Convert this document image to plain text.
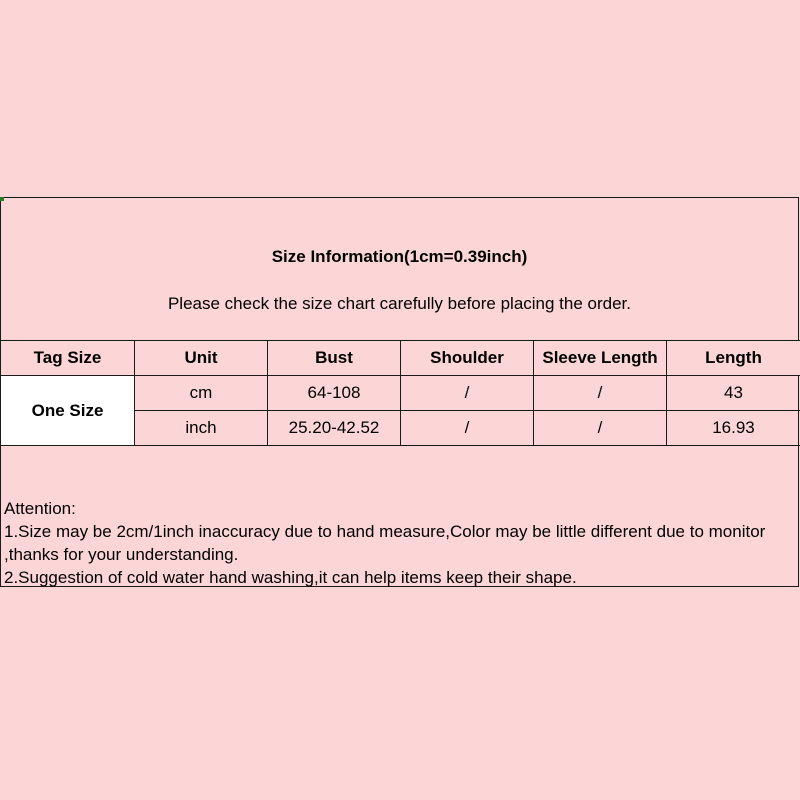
Size Information(1cm=0.39inch)
Please check the size chart carefully before placing the order.
Tag Size	Unit	Bust	Shoulder	Sleeve Length	Length
One Size	cm	64-108	/	/	43
	inch	25.20-42.52	/	/	16.93
Attention:
1.Size may be 2cm/1inch inaccuracy due to hand measure,Color may be little different due to monitor ,thanks for your understanding.
2.Suggestion of cold water hand washing,it can help items keep their shape.
